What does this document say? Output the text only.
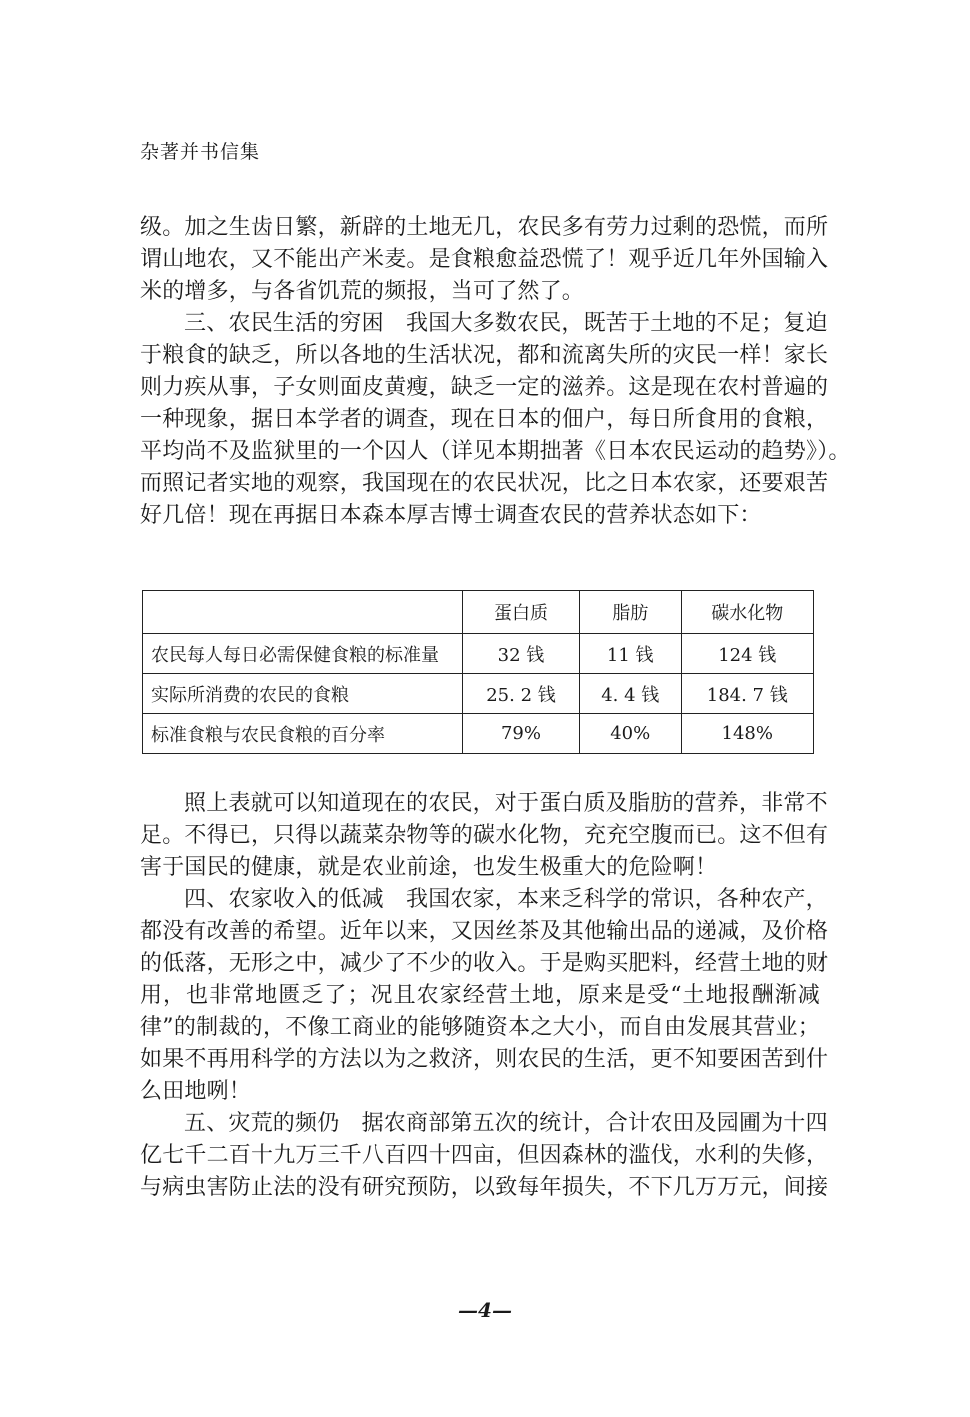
杂著并书信集
级。加之生齿日繁，新辟的土地无几，农民多有劳力过剩的恐慌，而所
谓山地农，又不能出产米麦。是食粮愈益恐慌了！观乎近几年外国输入
米的增多，与各省饥荒的频报，当可了然了。
三、农民生活的穷困　我国大多数农民，既苦于土地的不足；复迫
于粮食的缺乏，所以各地的生活状况，都和流离失所的灾民一样！家长
则力疾从事，子女则面皮黄瘦，缺乏一定的滋养。这是现在农村普遍的
一种现象，据日本学者的调查，现在日本的佃户，每日所食用的食粮，
平均尚不及监狱里的一个囚人（详见本期拙著《日本农民运动的趋势》）。
而照记者实地的观察，我国现在的农民状况，比之日本农家，还要艰苦
好几倍！现在再据日本森本厚吉博士调查农民的营养状态如下：
	蛋白质	脂肪	碳水化物
农民每人每日必需保健食粮的标准量	32 钱	11 钱	124 钱
实际所消费的农民的食粮	25. 2 钱	4. 4 钱	184. 7 钱
标准食粮与农民食粮的百分率	79%	40%	148%
照上表就可以知道现在的农民，对于蛋白质及脂肪的营养，非常不
足。不得已，只得以蔬菜杂物等的碳水化物，充充空腹而已。这不但有
害于国民的健康，就是农业前途，也发生极重大的危险啊！
四、农家收入的低减　我国农家，本来乏科学的常识，各种农产，
都没有改善的希望。近年以来，又因丝茶及其他输出品的递减，及价格
的低落，无形之中，减少了不少的收入。于是购买肥料，经营土地的财
用，也非常地匮乏了；况且农家经营土地，原来是受“土地报酬渐减
律”的制裁的，不像工商业的能够随资本之大小，而自由发展其营业；
如果不再用科学的方法以为之救济，则农民的生活，更不知要困苦到什
么田地咧！
五、灾荒的频仍　据农商部第五次的统计，合计农田及园圃为十四
亿七千二百十九万三千八百四十四亩，但因森林的滥伐，水利的失修，
与病虫害防止法的没有研究预防，以致每年损失，不下几万万元，间接
—4—
